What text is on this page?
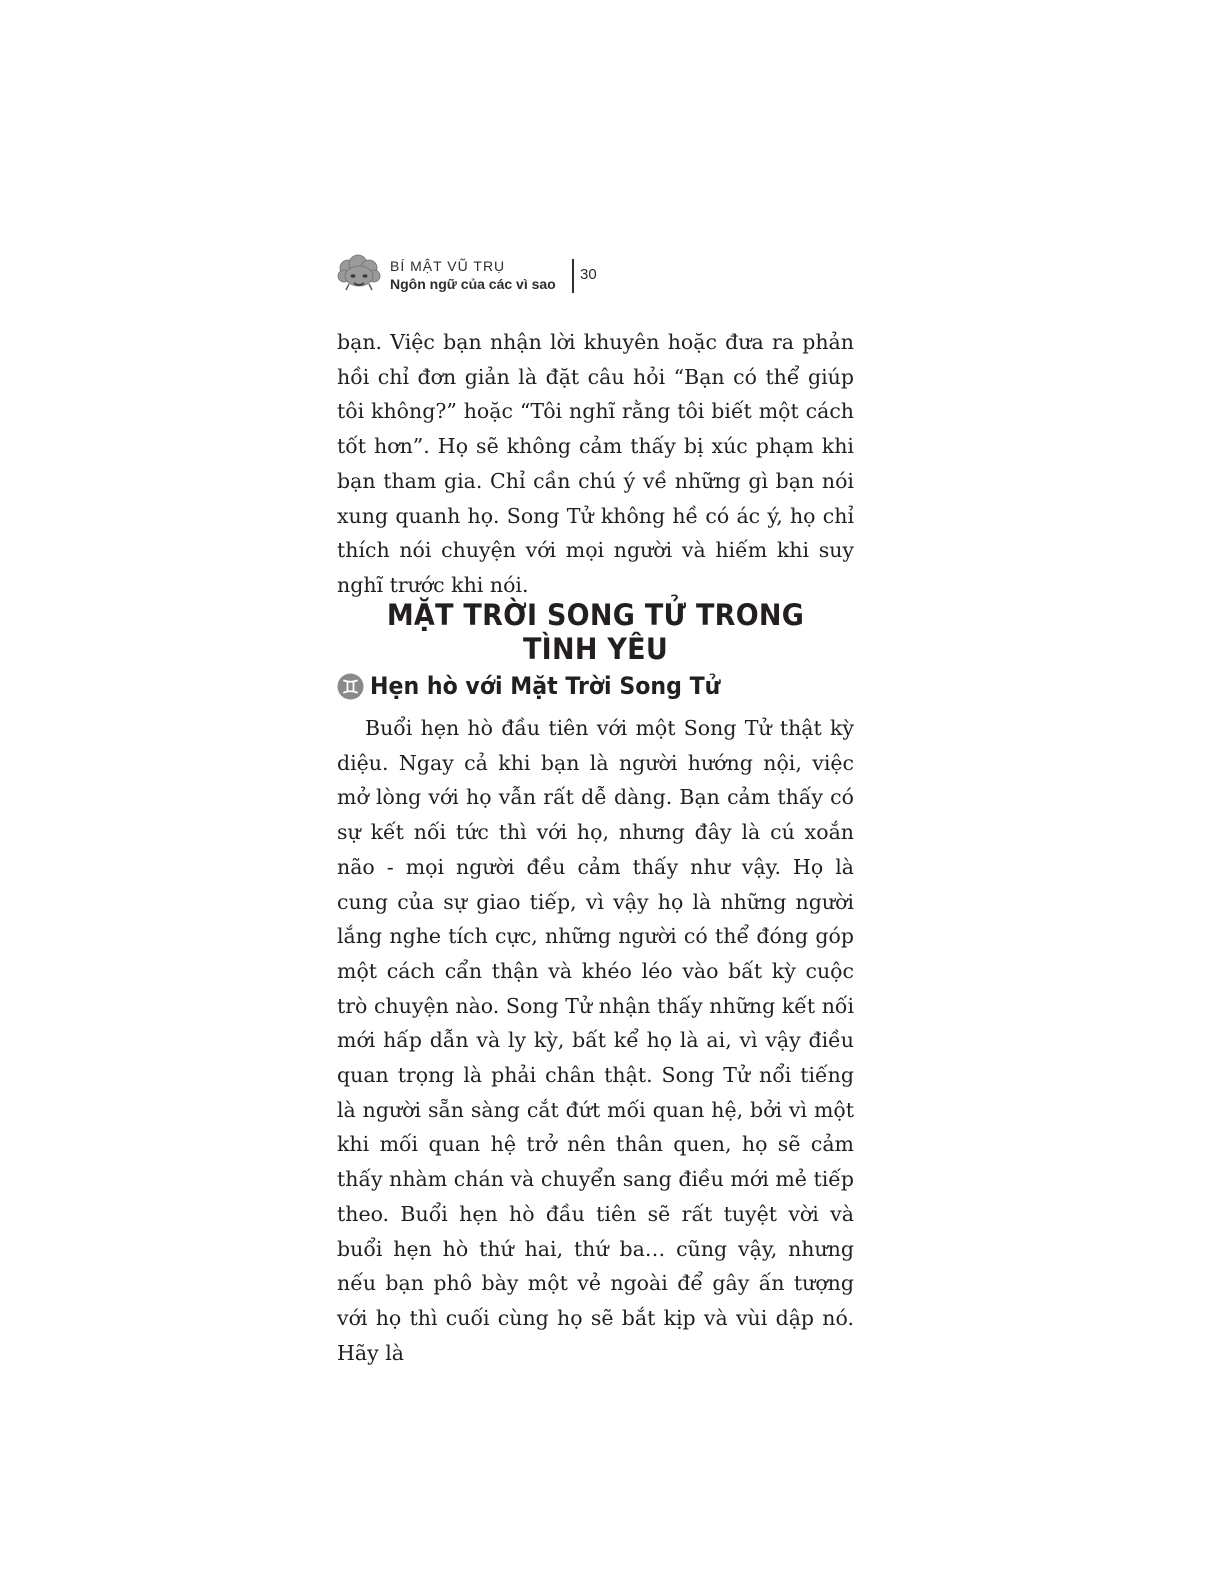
BÍ MẬT VŨ TRỤ
Ngôn ngữ của các vì sao
30

bạn. Việc bạn nhận lời khuyên hoặc đưa ra phản hồi chỉ đơn giản là đặt câu hỏi “Bạn có thể giúp tôi không?” hoặc “Tôi nghĩ rằng tôi biết một cách tốt hơn”. Họ sẽ không cảm thấy bị xúc phạm khi bạn tham gia. Chỉ cần chú ý về những gì bạn nói xung quanh họ. Song Tử không hề có ác ý, họ chỉ thích nói chuyện với mọi người và hiếm khi suy nghĩ trước khi nói.

MẶT TRỜI SONG TỬ TRONG TÌNH YÊU
Hẹn hò với Mặt Trời Song Tử

Buổi hẹn hò đầu tiên với một Song Tử thật kỳ diệu. Ngay cả khi bạn là người hướng nội, việc mở lòng với họ vẫn rất dễ dàng. Bạn cảm thấy có sự kết nối tức thì với họ, nhưng đây là cú xoắn não - mọi người đều cảm thấy như vậy. Họ là cung của sự giao tiếp, vì vậy họ là những người lắng nghe tích cực, những người có thể đóng góp một cách cẩn thận và khéo léo vào bất kỳ cuộc trò chuyện nào. Song Tử nhận thấy những kết nối mới hấp dẫn và ly kỳ, bất kể họ là ai, vì vậy điều quan trọng là phải chân thật. Song Tử nổi tiếng là người sẵn sàng cắt đứt mối quan hệ, bởi vì một khi mối quan hệ trở nên thân quen, họ sẽ cảm thấy nhàm chán và chuyển sang điều mới mẻ tiếp theo. Buổi hẹn hò đầu tiên sẽ rất tuyệt vời và buổi hẹn hò thứ hai, thứ ba… cũng vậy, nhưng nếu bạn phô bày một vẻ ngoài để gây ấn tượng với họ thì cuối cùng họ sẽ bắt kịp và vùi dập nó. Hãy là
